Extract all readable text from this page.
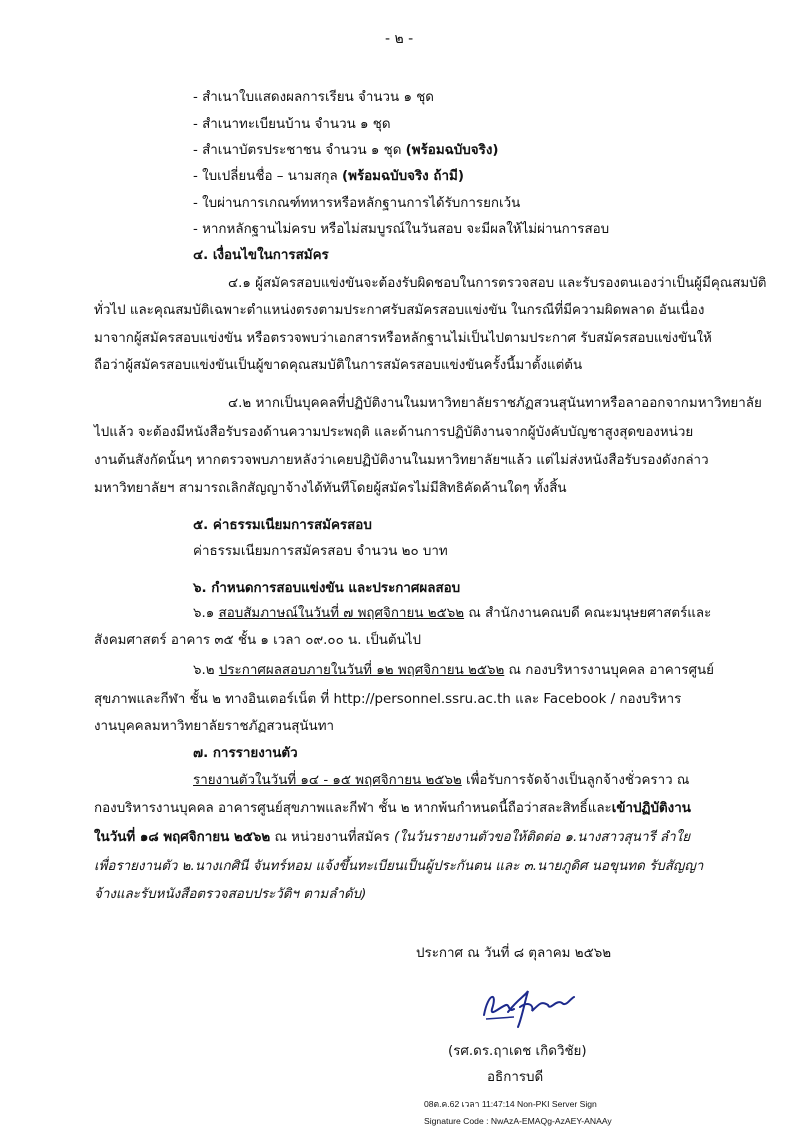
- ๒ -
- สำเนาใบแสดงผลการเรียน จำนวน ๑ ชุด
- สำเนาทะเบียนบ้าน จำนวน ๑ ชุด
- สำเนาบัตรประชาชน จำนวน ๑ ชุด (พร้อมฉบับจริง)
- ใบเปลี่ยนชื่อ – นามสกุล (พร้อมฉบับจริง ถ้ามี)
- ใบผ่านการเกณฑ์ทหารหรือหลักฐานการได้รับการยกเว้น
- หากหลักฐานไม่ครบ หรือไม่สมบูรณ์ในวันสอบ จะมีผลให้ไม่ผ่านการสอบ
๔. เงื่อนไขในการสมัคร
๔.๑ ผู้สมัครสอบแข่งขันจะต้องรับผิดชอบในการตรวจสอบ และรับรองตนเองว่าเป็นผู้มีคุณสมบัติ
ทั่วไป และคุณสมบัติเฉพาะตำแหน่งตรงตามประกาศรับสมัครสอบแข่งขัน ในกรณีที่มีความผิดพลาด อันเนื่อง
มาจากผู้สมัครสอบแข่งขัน หรือตรวจพบว่าเอกสารหรือหลักฐานไม่เป็นไปตามประกาศ รับสมัครสอบแข่งขันให้
ถือว่าผู้สมัครสอบแข่งขันเป็นผู้ขาดคุณสมบัติในการสมัครสอบแข่งขันครั้งนี้มาตั้งแต่ต้น
๔.๒ หากเป็นบุคคลที่ปฏิบัติงานในมหาวิทยาลัยราชภัฏสวนสุนันทาหรือลาออกจากมหาวิทยาลัย
ไปแล้ว จะต้องมีหนังสือรับรองด้านความประพฤติ และด้านการปฏิบัติงานจากผู้บังคับบัญชาสูงสุดของหน่วย
งานต้นสังกัดนั้นๆ หากตรวจพบภายหลังว่าเคยปฏิบัติงานในมหาวิทยาลัยฯแล้ว แต่ไม่ส่งหนังสือรับรองดังกล่าว
มหาวิทยาลัยฯ สามารถเลิกสัญญาจ้างได้ทันทีโดยผู้สมัครไม่มีสิทธิคัดค้านใดๆ ทั้งสิ้น
๕. ค่าธรรมเนียมการสมัครสอบ
ค่าธรรมเนียมการสมัครสอบ จำนวน ๒๐ บาท
๖. กำหนดการสอบแข่งขัน และประกาศผลสอบ
๖.๑ สอบสัมภาษณ์ในวันที่ ๗ พฤศจิกายน ๒๕๖๒ ณ สำนักงานคณบดี คณะมนุษยศาสตร์และ
สังคมศาสตร์ อาคาร ๓๕ ชั้น ๑ เวลา ๐๙.๐๐ น. เป็นต้นไป
๖.๒ ประกาศผลสอบภายในวันที่ ๑๒ พฤศจิกายน ๒๕๖๒ ณ กองบริหารงานบุคคล อาคารศูนย์
สุขภาพและกีฬา ชั้น ๒ ทางอินเตอร์เน็ต ที่ http://personnel.ssru.ac.th และ Facebook / กองบริหาร
งานบุคคลมหาวิทยาลัยราชภัฏสวนสุนันทา
๗. การรายงานตัว
รายงานตัวในวันที่ ๑๔ - ๑๕ พฤศจิกายน ๒๕๖๒ เพื่อรับการจัดจ้างเป็นลูกจ้างชั่วคราว ณ
กองบริหารงานบุคคล อาคารศูนย์สุขภาพและกีฬา ชั้น ๒ หากพ้นกำหนดนี้ถือว่าสละสิทธิ์และเข้าปฏิบัติงาน
ในวันที่ ๑๘ พฤศจิกายน ๒๕๖๒ ณ หน่วยงานที่สมัคร (ในวันรายงานตัวขอให้ติดต่อ ๑.นางสาวสุนารี ลำใย
เพื่อรายงานตัว ๒.นางเกศินี จันทร์หอม แจ้งขึ้นทะเบียนเป็นผู้ประกันตน และ ๓.นายภูดิศ นอขุนทด รับสัญญา
จ้างและรับหนังสือตรวจสอบประวัติฯ ตามลำดับ)
ประกาศ ณ วันที่ ๘ ตุลาคม ๒๕๖๒
(รศ.ดร.ฤาเดช เกิดวิชัย)
อธิการบดี
08ต.ค.62 เวลา 11:47:14 Non-PKI Server Sign
Signature Code : NwAzA-EMAQg-AzAEY-ANAAy
